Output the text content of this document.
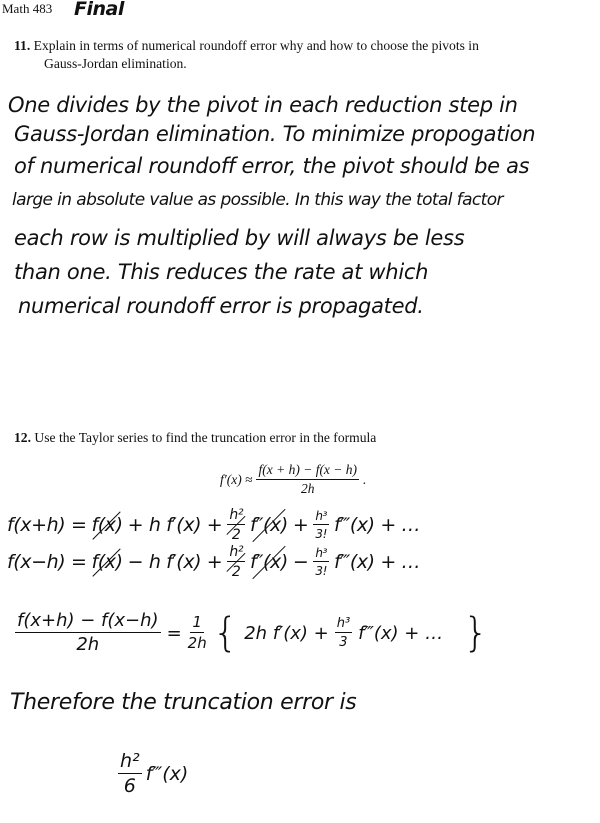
Math 483 Final
11. Explain in terms of numerical roundoff error why and how to choose the pivots in
Gauss-Jordan elimination.
One divides by the pivot in each reduction step in
Gauss-Jordan elimination. To minimize propogation
of numerical roundoff error, the pivot should be as
large in absolute value as possible. In this way the total factor
each row is multiplied by will always be less
than one. This reduces the rate at which
numerical roundoff error is propagated.
12. Use the Taylor series to find the truncation error in the formula
$f'(x) \approx \frac{f(x + h) - f(x - h)}{2h}$ .
f(x+h) = f(x) + h $f'(x) + \frac{\text{h²}}{2} f''(x) + \frac{\text{h³}}{3!}$ f‴(x) + …
f(x−h) = f(x) − h $f'(x) + \frac{\text{h²}}{2} f''(x) - \frac{\text{h³}}{3!}$ f‴(x) + …
$\frac{f(x+h) - f(x-h)}{2h} = \frac{1}{2h}$ { 2h $f'(x) + \frac{\text{h³}}{3}$ f‴(x) + … }
Therefore the truncation error is
$\frac{\text{h²}}{6}$ f‴(x)
